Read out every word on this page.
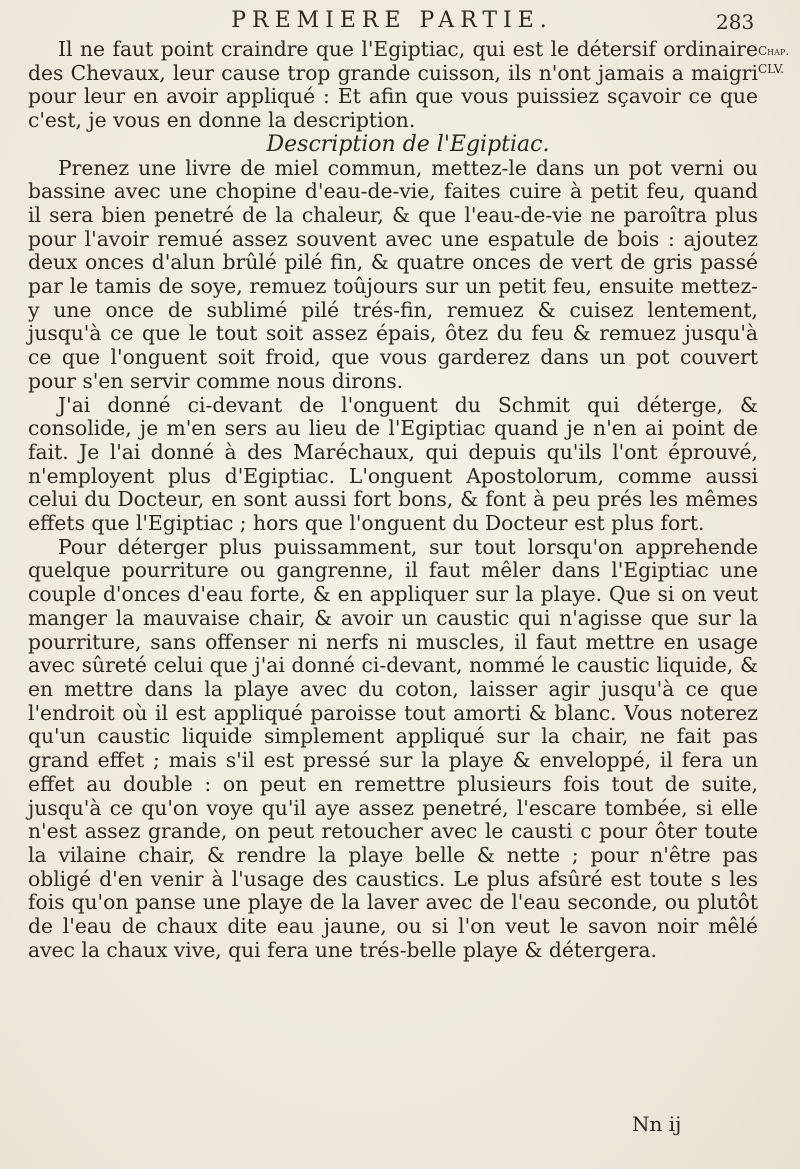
PREMIERE PARTIE.	283
Chap. CLV.

Il ne faut point craindre que l'Egiptiac, qui est le détersif ordinaire des Chevaux, leur cause trop grande cuisson, ils n'ont jamais a maigri pour leur en avoir appliqué : Et afin que vous puissiez sçavoir ce que c'est, je vous en donne la description.

Description de l'Egiptiac.

Prenez une livre de miel commun, mettez-le dans un pot verni ou bassine avec une chopine d'eau-de-vie, faites cuire à petit feu, quand il sera bien penetré de la chaleur, & que l'eau-de-vie ne paroîtra plus pour l'avoir remué assez souvent avec une espatule de bois : ajoutez deux onces d'alun brûlé pilé fin, & quatre onces de vert de gris passé par le tamis de soye, remuez toûjours sur un petit feu, ensuite mettez-y une once de sublimé pilé trés-fin, remuez & cuisez lentement, jusqu'à ce que le tout soit assez épais, ôtez du feu & remuez jusqu'à ce que l'onguent soit froid, que vous garderez dans un pot couvert pour s'en servir comme nous dirons.

J'ai donné ci-devant de l'onguent du Schmit qui déterge, & consolide, je m'en sers au lieu de l'Egiptiac quand je n'en ai point de fait. Je l'ai donné à des Maréchaux, qui depuis qu'ils l'ont éprouvé, n'employent plus d'Egiptiac. L'onguent Apostolorum, comme aussi celui du Docteur, en sont aussi fort bons, & font à peu prés les mêmes effets que l'Egiptiac ; hors que l'onguent du Docteur est plus fort.

Pour déterger plus puissamment, sur tout lorsqu'on apprehende quelque pourriture ou gangrenne, il faut mêler dans l'Egiptiac une couple d'onces d'eau forte, & en appliquer sur la playe. Que si on veut manger la mauvaise chair, & avoir un caustic qui n'agisse que sur la pourriture, sans offenser ni nerfs ni muscles, il faut mettre en usage avec sûreté celui que j'ai donné ci-devant, nommé le caustic liquide, & en mettre dans la playe avec du coton, laisser agir jusqu'à ce que l'endroit où il est appliqué paroisse tout amorti & blanc. Vous noterez qu'un caustic liquide simplement appliqué sur la chair, ne fait pas grand effet ; mais s'il est pressé sur la playe & enveloppé, il fera un effet au double : on peut en remettre plusieurs fois tout de suite, jusqu'à ce qu'on voye qu'il aye assez penetré, l'escare tombée, si elle n'est assez grande, on peut retoucher avec le causti c pour ôter toute la vilaine chair, & rendre la playe belle & nette ; pour n'être pas obligé d'en venir à l'usage des caustics. Le plus afsûré est toute s les fois qu'on panse une playe de la laver avec de l'eau seconde, ou plutôt de l'eau de chaux dite eau jaune, ou si l'on veut le savon noir mêlé avec la chaux vive, qui fera une trés-belle playe & détergera.

Nn ij
